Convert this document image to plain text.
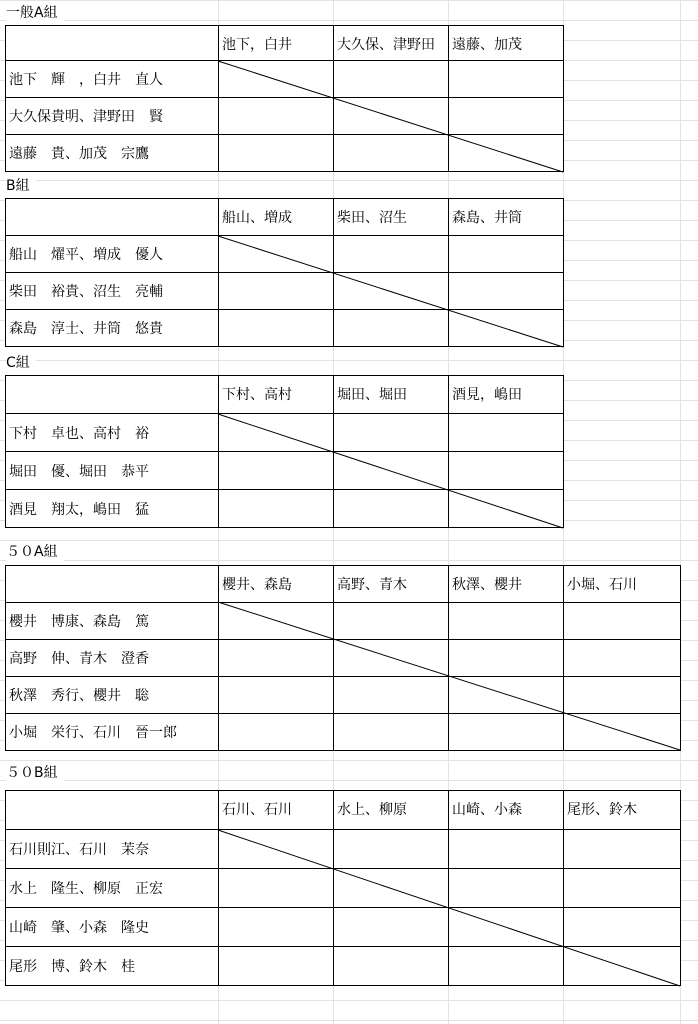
一般A組
	池下，白井	大久保、津野田	遠藤、加茂
池下　輝　，白井　直人			
大久保貴明、津野田　賢			
遠藤　貴、加茂　宗鷹			
B組
	船山、増成	柴田、沼生	森島、井筒
船山　燿平、増成　優人			
柴田　裕貴、沼生　亮輔			
森島　淳士、井筒　悠貴			
C組
	下村、高村	堀田、堀田	酒見，嶋田
下村　卓也、高村　裕			
堀田　優、堀田　恭平			
酒見　翔太，嶋田　猛			
５０A組
	櫻井、森島	高野、青木	秋澤、櫻井	小堀、石川
櫻井　博康、森島　篤				
高野　伸、青木　澄香				
秋澤　秀行、櫻井　聡				
小堀　栄行、石川　晉一郎				
５０B組
	石川、石川	水上、柳原	山崎、小森	尾形、鈴木
石川則江、石川　茉奈				
水上　隆生、柳原　正宏				
山崎　肇、小森　隆史				
尾形　博、鈴木　桂				
